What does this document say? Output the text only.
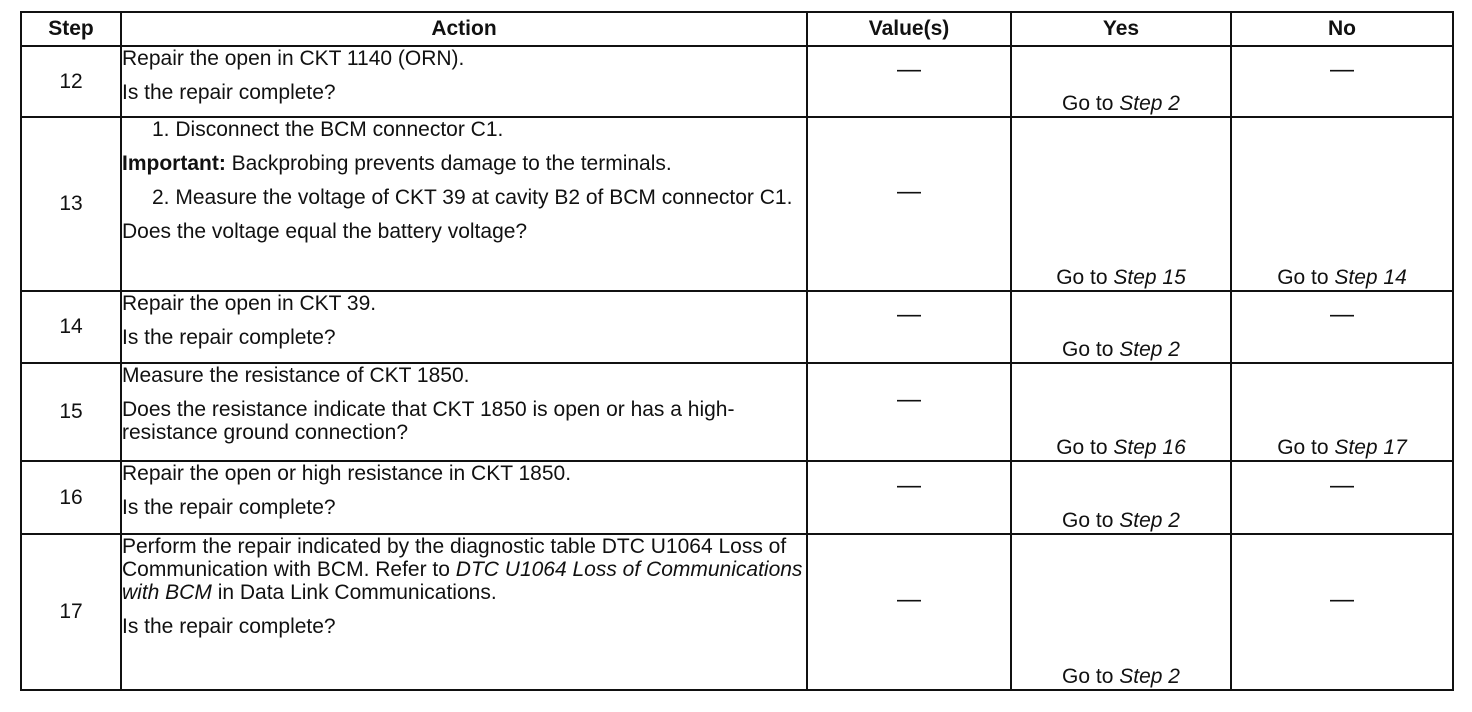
Step	Action	Value(s)	Yes	No
12	Repair the open in CKT 1140 (ORN).
Is the repair complete?	—	Go to Step 2	—
13	1. Disconnect the BCM connector C1.
Important: Backprobing prevents damage to the terminals.
2. Measure the voltage of CKT 39 at cavity B2 of BCM connector C1.
Does the voltage equal the battery voltage?	—	Go to Step 15	Go to Step 14
14	Repair the open in CKT 39.
Is the repair complete?	—	Go to Step 2	—
15	Measure the resistance of CKT 1850.
Does the resistance indicate that CKT 1850 is open or has a high-resistance ground connection?	—	Go to Step 16	Go to Step 17
16	Repair the open or high resistance in CKT 1850.
Is the repair complete?	—	Go to Step 2	—
17	Perform the repair indicated by the diagnostic table DTC U1064 Loss of Communication with BCM. Refer to DTC U1064 Loss of Communications with BCM in Data Link Communications.
Is the repair complete?	—	Go to Step 2	—
